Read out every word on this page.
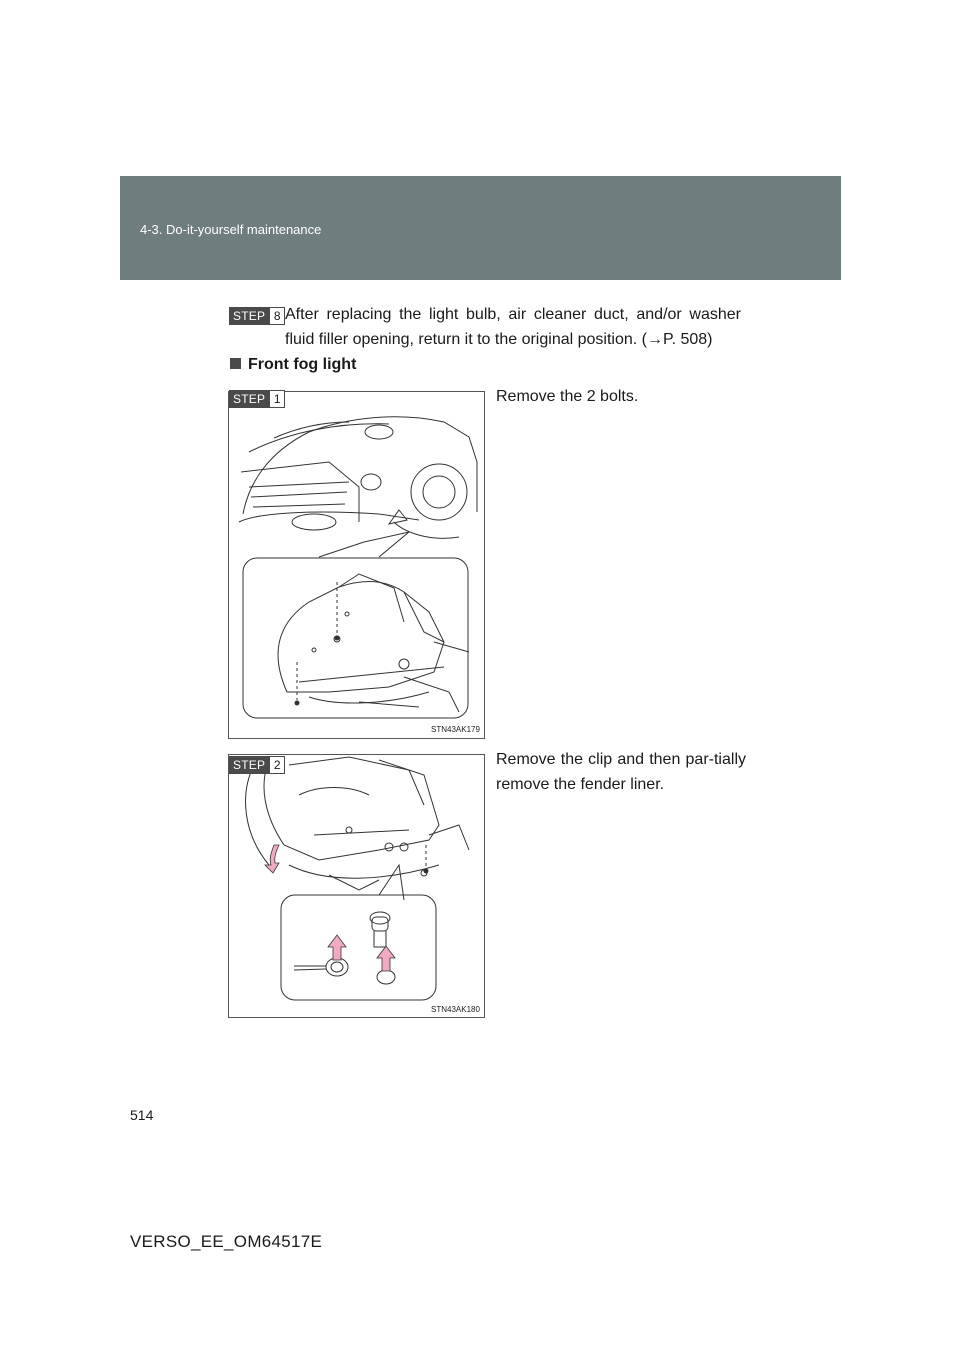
4-3. Do-it-yourself maintenance
STEP 8 After replacing the light bulb, air cleaner duct, and/or washer fluid filler opening, return it to the original position. (→P. 508)
Front fog light
STN43AK179
STEP 1	Remove the 2 bolts.
STN43AK180
STEP 2	Remove the clip and then par-tially remove the fender liner.
514
VERSO_EE_OM64517E
